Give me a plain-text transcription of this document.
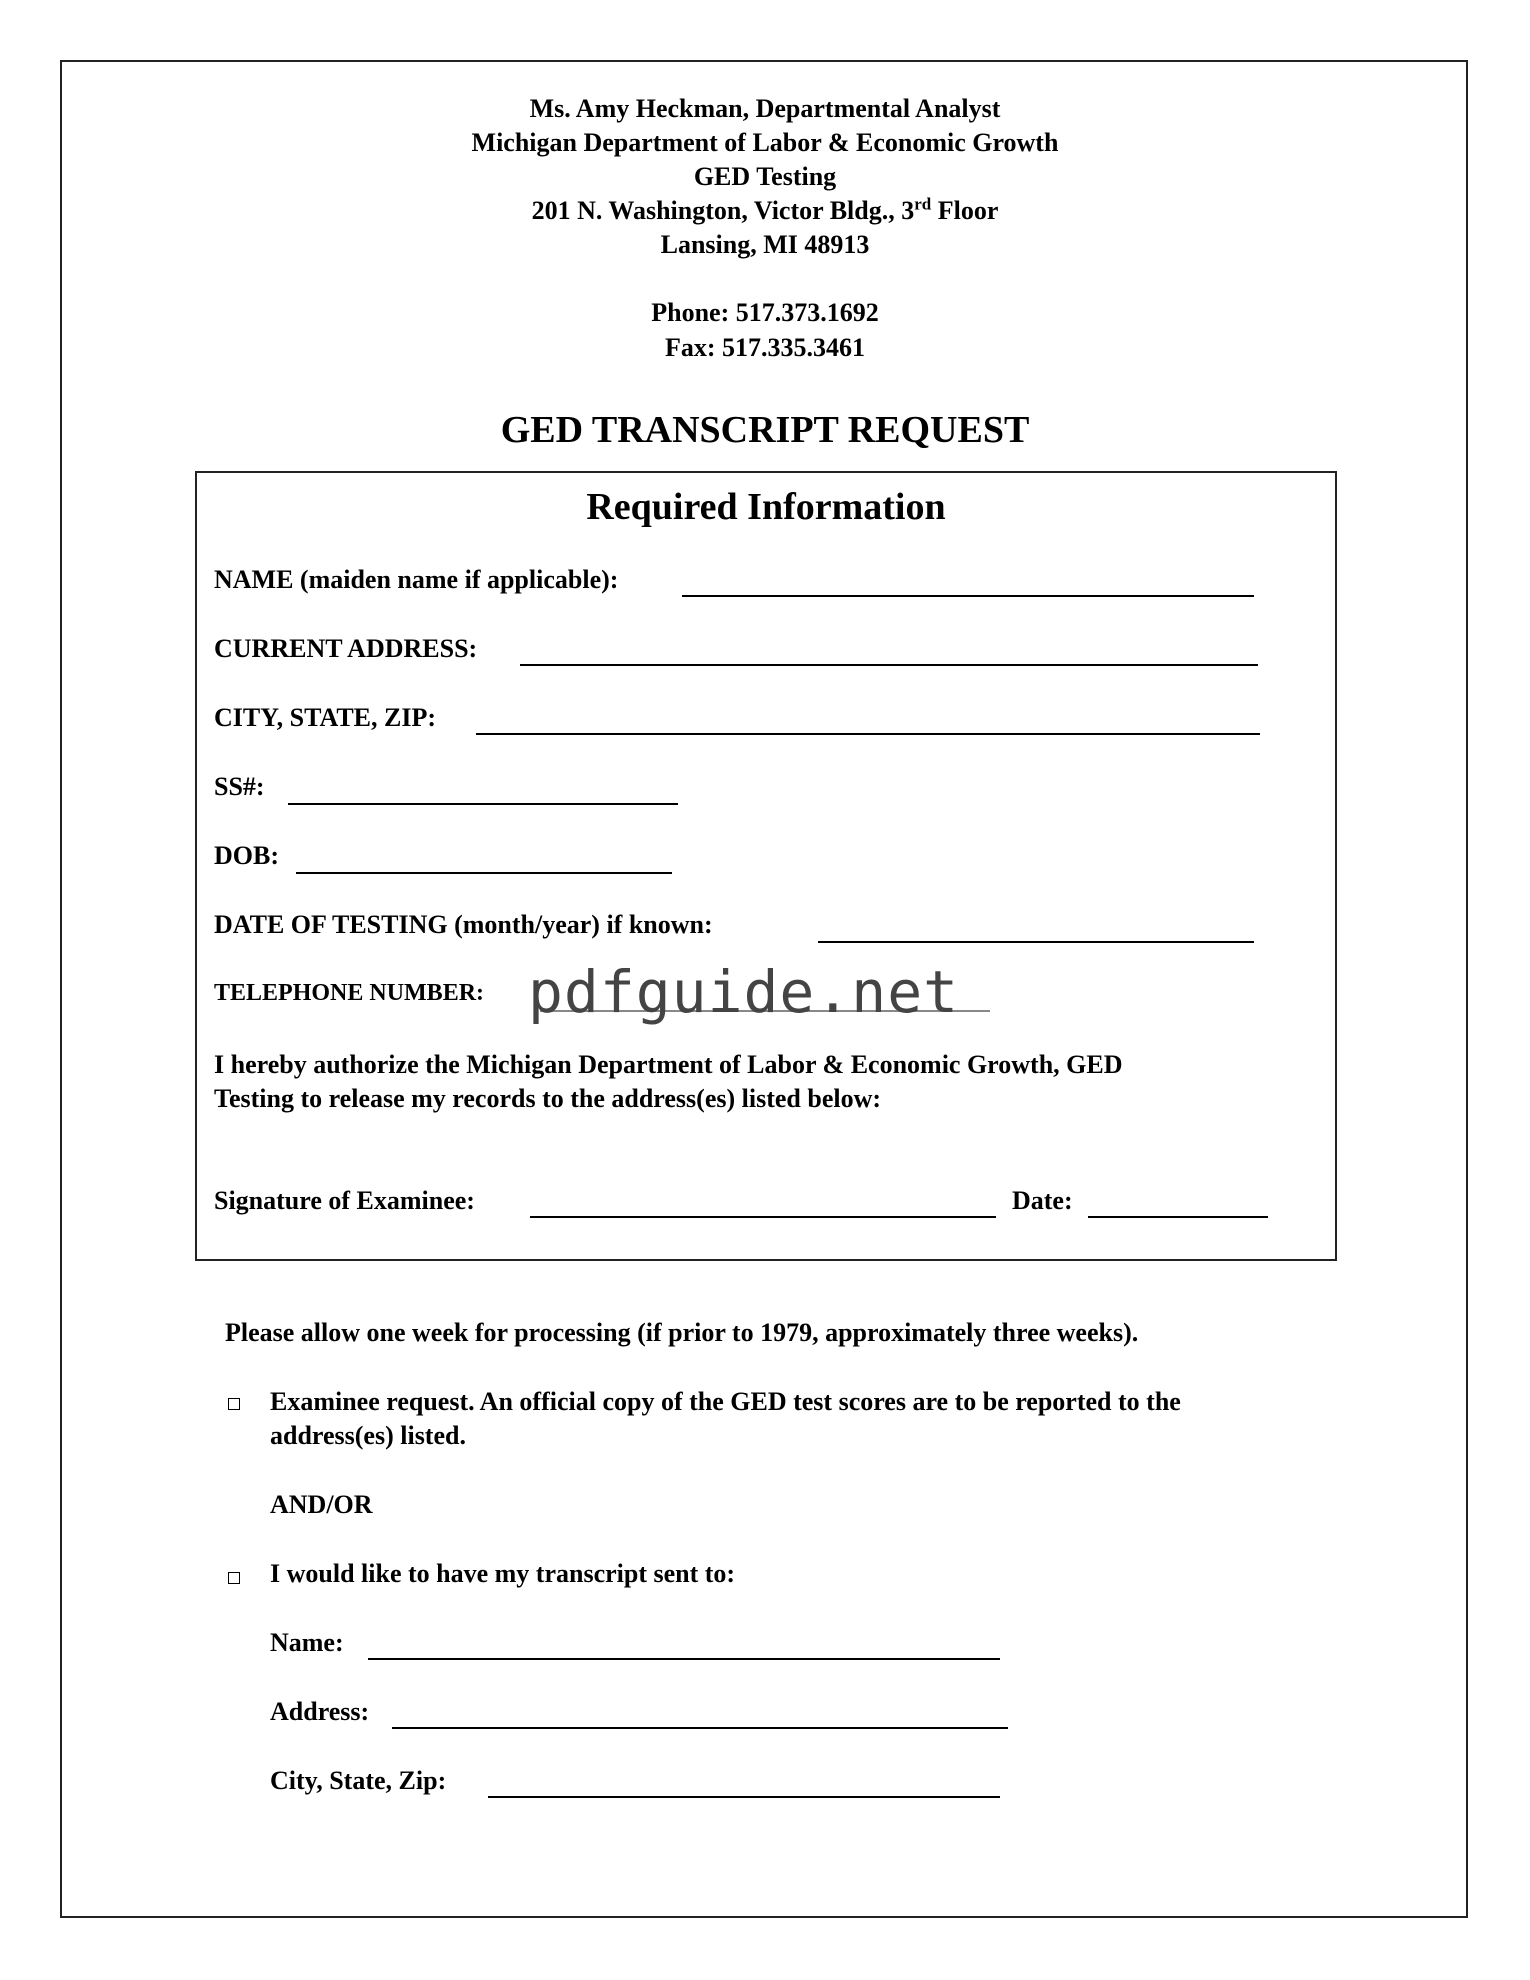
Ms. Amy Heckman, Departmental Analyst
Michigan Department of Labor & Economic Growth
GED Testing
201 N. Washington, Victor Bldg., 3rd Floor
Lansing, MI 48913
Phone: 517.373.1692
Fax: 517.335.3461
GED TRANSCRIPT REQUEST
Required Information
NAME (maiden name if applicable):
CURRENT ADDRESS:
CITY, STATE, ZIP:
SS#:
DOB:
DATE OF TESTING (month/year) if known:
TELEPHONE NUMBER: pdfguide.net
I hereby authorize the Michigan Department of Labor & Economic Growth, GED
Testing to release my records to the address(es) listed below:
Signature of Examinee:	Date:
Please allow one week for processing (if prior to 1979, approximately three weeks).
Examinee request. An official copy of the GED test scores are to be reported to the
address(es) listed.
AND/OR
I would like to have my transcript sent to:
Name:
Address:
City, State, Zip:
